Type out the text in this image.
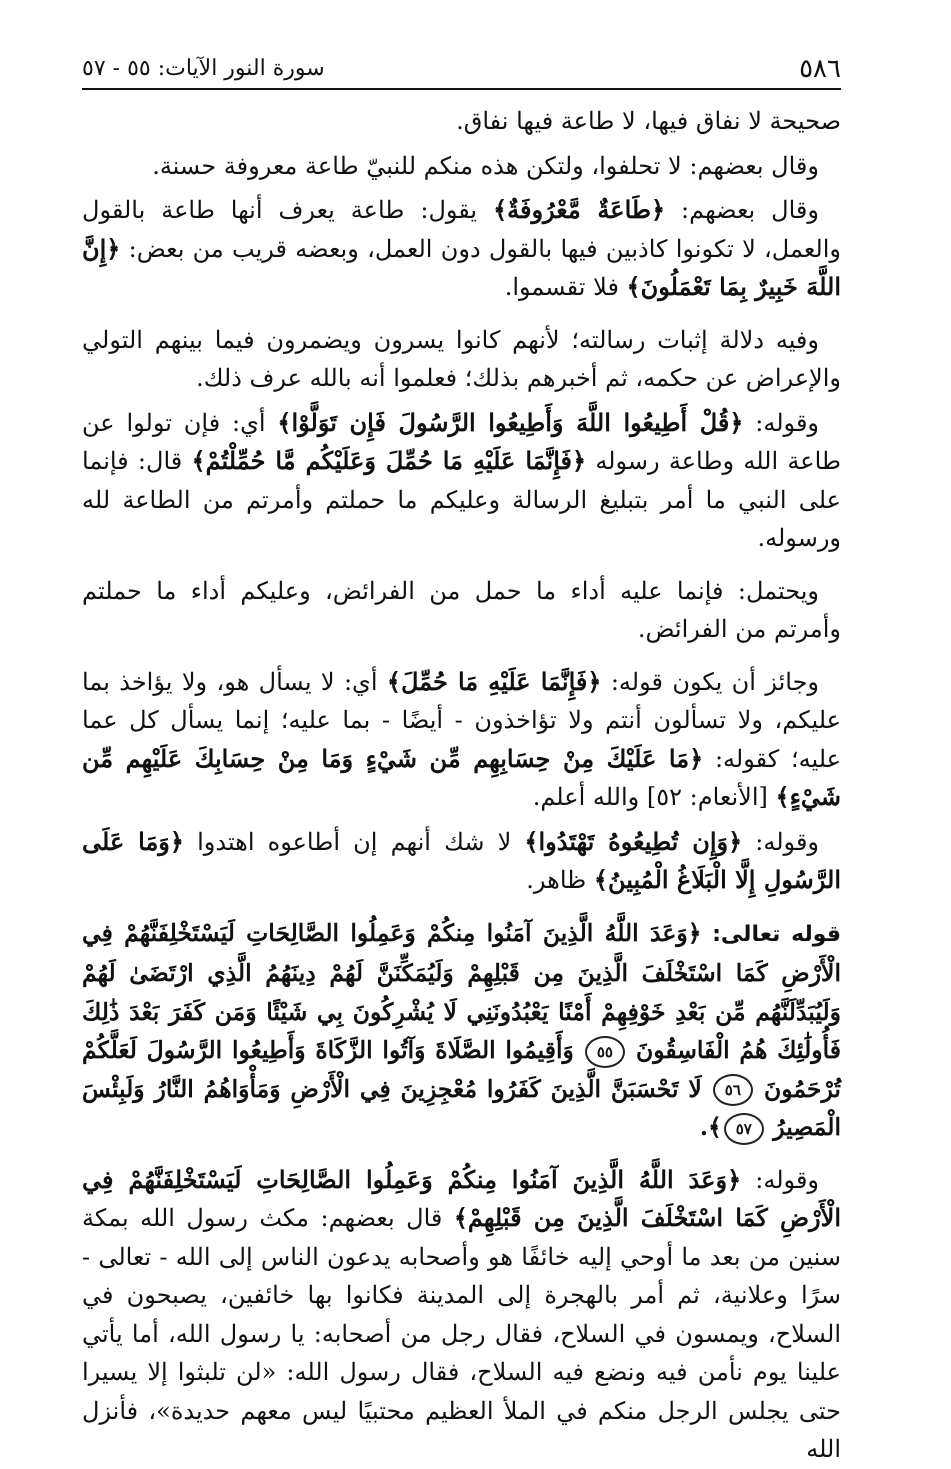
٥٨٦
سورة النور الآيات: ٥٥ - ٥٧

صحيحة لا نفاق فيها، لا طاعة فيها نفاق.

وقال بعضهم: لا تحلفوا، ولتكن هذه منكم للنبيّ طاعة معروفة حسنة.

وقال بعضهم: ﴿طَاعَةٌ مَّعْرُوفَةٌ﴾ يقول: طاعة يعرف أنها طاعة بالقول والعمل، لا تكونوا كاذبين فيها بالقول دون العمل، وبعضه قريب من بعض: ﴿إِنَّ اللَّهَ خَبِيرٌ بِمَا تَعْمَلُونَ﴾ فلا تقسموا.

وفيه دلالة إثبات رسالته؛ لأنهم كانوا يسرون ويضمرون فيما بينهم التولي والإعراض عن حكمه، ثم أخبرهم بذلك؛ فعلموا أنه بالله عرف ذلك.

وقوله: ﴿قُلْ أَطِيعُوا اللَّهَ وَأَطِيعُوا الرَّسُولَ فَإِن تَوَلَّوْا﴾ أي: فإن تولوا عن طاعة الله وطاعة رسوله ﴿فَإِنَّمَا عَلَيْهِ مَا حُمِّلَ وَعَلَيْكُم مَّا حُمِّلْتُمْ﴾ قال: فإنما على النبي ما أمر بتبليغ الرسالة وعليكم ما حملتم وأمرتم من الطاعة لله ورسوله.

ويحتمل: فإنما عليه أداء ما حمل من الفرائض، وعليكم أداء ما حملتم وأمرتم من الفرائض.

وجائز أن يكون قوله: ﴿فَإِنَّمَا عَلَيْهِ مَا حُمِّلَ﴾ أي: لا يسأل هو، ولا يؤاخذ بما عليكم، ولا تسألون أنتم ولا تؤاخذون - أيضًا - بما عليه؛ إنما يسأل كل عما عليه؛ كقوله: ﴿مَا عَلَيْكَ مِنْ حِسَابِهِم مِّن شَيْءٍ وَمَا مِنْ حِسَابِكَ عَلَيْهِم مِّن شَيْءٍ﴾ [الأنعام: ٥٢] والله أعلم.

وقوله: ﴿وَإِن تُطِيعُوهُ تَهْتَدُوا﴾ لا شك أنهم إن أطاعوه اهتدوا ﴿وَمَا عَلَى الرَّسُولِ إِلَّا الْبَلَاغُ الْمُبِينُ﴾ ظاهر.

قوله تعالى: ﴿وَعَدَ اللَّهُ الَّذِينَ آمَنُوا مِنكُمْ وَعَمِلُوا الصَّالِحَاتِ لَيَسْتَخْلِفَنَّهُمْ فِي الْأَرْضِ كَمَا اسْتَخْلَفَ الَّذِينَ مِن قَبْلِهِمْ وَلَيُمَكِّنَنَّ لَهُمْ دِينَهُمُ الَّذِي ارْتَضَىٰ لَهُمْ وَلَيُبَدِّلَنَّهُم مِّن بَعْدِ خَوْفِهِمْ أَمْنًا يَعْبُدُونَنِي لَا يُشْرِكُونَ بِي شَيْئًا وَمَن كَفَرَ بَعْدَ ذَٰلِكَ فَأُولَٰئِكَ هُمُ الْفَاسِقُونَ ٥٥ وَأَقِيمُوا الصَّلَاةَ وَآتُوا الزَّكَاةَ وَأَطِيعُوا الرَّسُولَ لَعَلَّكُمْ تُرْحَمُونَ ٥٦ لَا تَحْسَبَنَّ الَّذِينَ كَفَرُوا مُعْجِزِينَ فِي الْأَرْضِ وَمَأْوَاهُمُ النَّارُ وَلَبِئْسَ الْمَصِيرُ ٥٧﴾.

وقوله: ﴿وَعَدَ اللَّهُ الَّذِينَ آمَنُوا مِنكُمْ وَعَمِلُوا الصَّالِحَاتِ لَيَسْتَخْلِفَنَّهُمْ فِي الْأَرْضِ كَمَا اسْتَخْلَفَ الَّذِينَ مِن قَبْلِهِمْ﴾ قال بعضهم: مكث رسول الله بمكة سنين من بعد ما أوحي إليه خائفًا هو وأصحابه يدعون الناس إلى الله - تعالى - سرًا وعلانية، ثم أمر بالهجرة إلى المدينة فكانوا بها خائفين، يصبحون في السلاح، ويمسون في السلاح، فقال رجل من أصحابه: يا رسول الله، أما يأتي علينا يوم نأمن فيه ونضع فيه السلاح، فقال رسول الله: «لن تلبثوا إلا يسيرا حتى يجلس الرجل منكم في الملأ العظيم محتبيًا ليس معهم حديدة»، فأنزل الله
